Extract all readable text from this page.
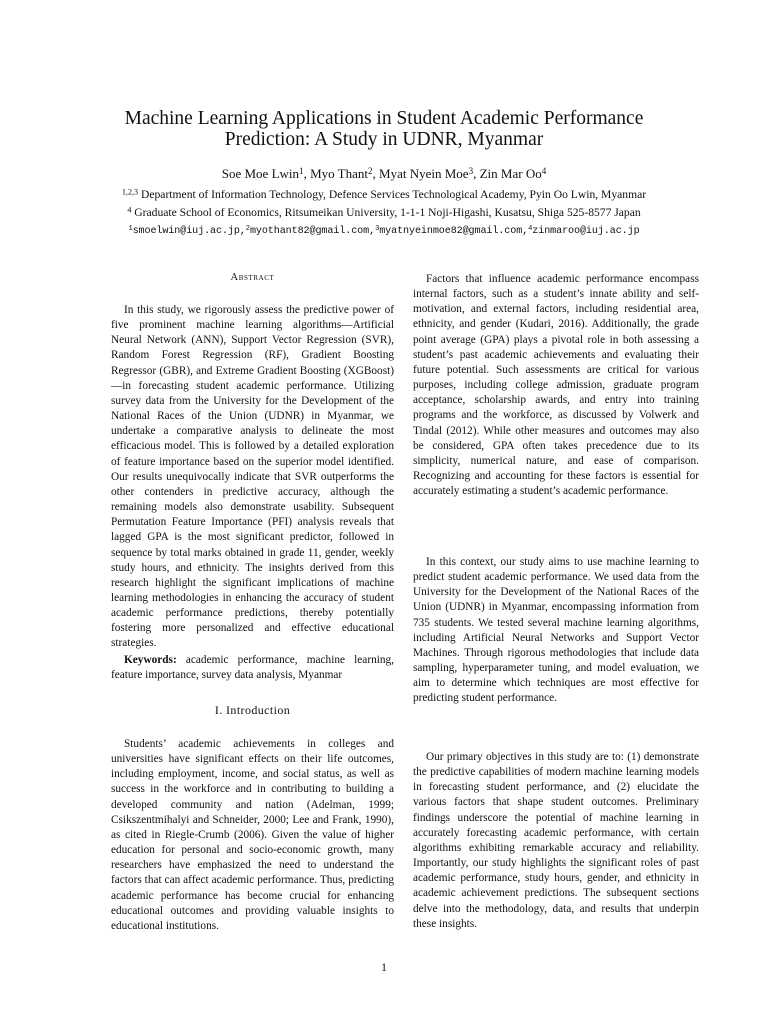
Machine Learning Applications in Student Academic Performance Prediction: A Study in UDNR, Myanmar
Soe Moe Lwin$^1$, Myo Thant$^2$, Myat Nyein Moe$^3$, Zin Mar Oo$^4$
$^{1,2,3}$ Department of Information Technology, Defence Services Technological Academy, Pyin Oo Lwin, Myanmar
$^4$ Graduate School of Economics, Ritsumeikan University, 1-1-1 Noji-Higashi, Kusatsu, Shiga 525-8577 Japan
$^1$smoelwin@iuj.ac.jp,$^2$myothant82@gmail.com,$^3$myatnyeinmoe82@gmail.com,$^4$zinmaroo@iuj.ac.jp
Abstract

In this study, we rigorously assess the predictive power of five prominent machine learning algorithms—Artificial Neural Network (ANN), Support Vector Regression (SVR), Random Forest Regression (RF), Gradient Boosting Regressor (GBR), and Extreme Gradient Boosting (XGBoost)—in forecasting student academic performance. Utilizing survey data from the University for the Development of the National Races of the Union (UDNR) in Myanmar, we undertake a comparative analysis to delineate the most efficacious model. This is followed by a detailed exploration of feature importance based on the superior model identified. Our results unequivocally indicate that SVR outperforms the other contenders in predictive accuracy, although the remaining models also demonstrate usability. Subsequent Permutation Feature Importance (PFI) analysis reveals that lagged GPA is the most significant predictor, followed in sequence by total marks obtained in grade 11, gender, weekly study hours, and ethnicity. The insights derived from this research highlight the significant implications of machine learning methodologies in enhancing the accuracy of student academic performance predictions, thereby potentially fostering more personalized and effective educational strategies.

Keywords: academic performance, machine learning, feature importance, survey data analysis, Myanmar

I. Introduction

Students’ academic achievements in colleges and universities have significant effects on their life outcomes, including employment, income, and social status, as well as success in the workforce and in contributing to building a developed community and nation (Adelman, 1999; Csikszentmihalyi and Schneider, 2000; Lee and Frank, 1990), as cited in Riegle-Crumb (2006). Given the value of higher education for personal and socio-economic growth, many researchers have emphasized the need to understand the factors that can affect academic performance. Thus, predicting academic performance has become crucial for enhancing educational outcomes and providing valuable insights to educational institutions.

Factors that influence academic performance encompass internal factors, such as a student’s innate ability and self-motivation, and external factors, including residential area, ethnicity, and gender (Kudari, 2016). Additionally, the grade point average (GPA) plays a pivotal role in both assessing a student’s past academic achievements and evaluating their future potential. Such assessments are critical for various purposes, including college admission, graduate program acceptance, scholarship awards, and entry into training programs and the workforce, as discussed by Volwerk and Tindal (2012). While other measures and outcomes may also be considered, GPA often takes precedence due to its simplicity, numerical nature, and ease of comparison. Recognizing and accounting for these factors is essential for accurately estimating a student’s academic performance.

In this context, our study aims to use machine learning to predict student academic performance. We used data from the University for the Development of the National Races of the Union (UDNR) in Myanmar, encompassing information from 735 students. We tested several machine learning algorithms, including Artificial Neural Networks and Support Vector Machines. Through rigorous methodologies that include data sampling, hyperparameter tuning, and model evaluation, we aim to determine which techniques are most effective for predicting student performance.

Our primary objectives in this study are to: (1) demonstrate the predictive capabilities of modern machine learning models in forecasting student performance, and (2) elucidate the various factors that shape student outcomes. Preliminary findings underscore the potential of machine learning in accurately forecasting academic performance, with certain algorithms exhibiting remarkable accuracy and reliability. Importantly, our study highlights the significant roles of past academic performance, study hours, gender, and ethnicity in academic achievement predictions. The subsequent sections delve into the methodology, data, and results that underpin these insights.

1
